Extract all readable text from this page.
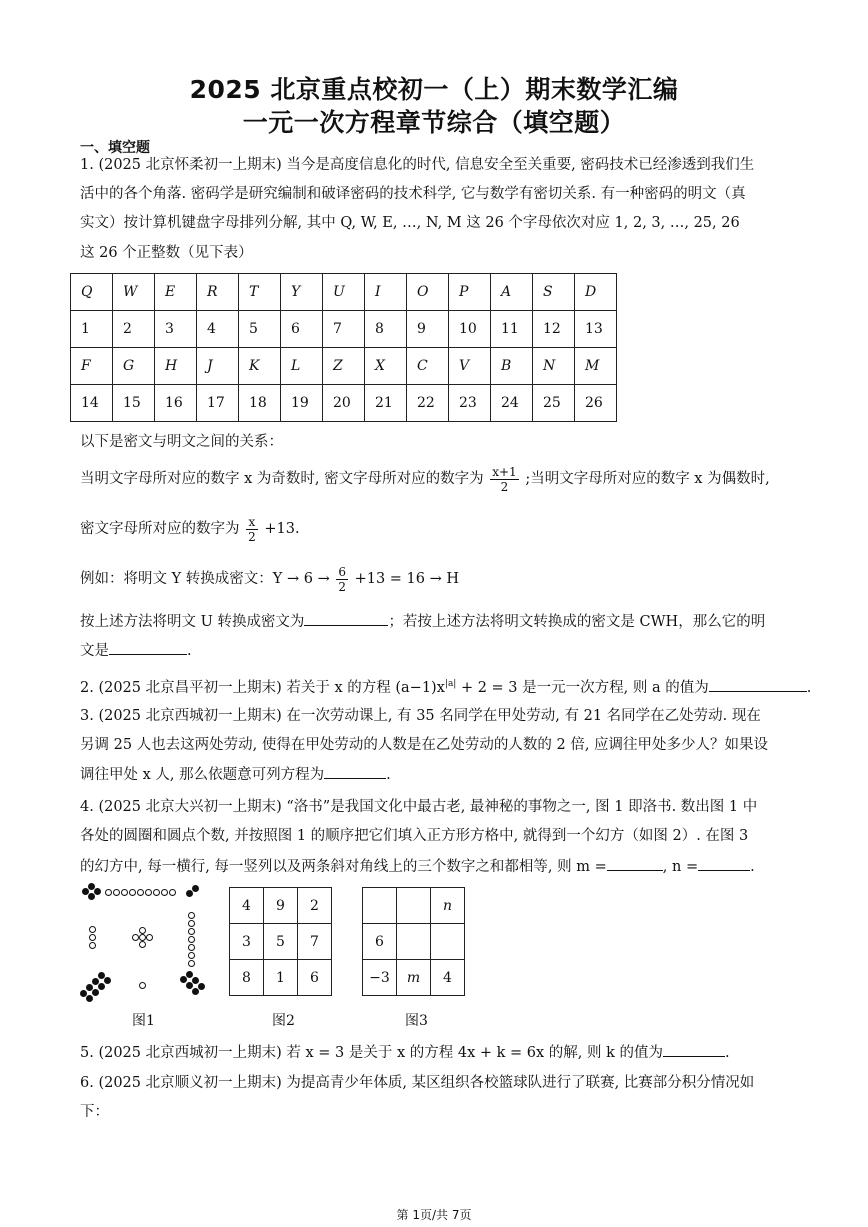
2025 北京重点校初一（上）期末数学汇编
一元一次方程章节综合（填空题）
一、填空题
1. (2025 北京怀柔初一上期末) 当今是高度信息化的时代, 信息安全至关重要, 密码技术已经渗透到我们生
活中的各个角落. 密码学是研究编制和破译密码的技术科学, 它与数学有密切关系. 有一种密码的明文（真
实文）按计算机键盘字母排列分解, 其中 Q, W, E, …, N, M 这 26 个字母依次对应 1, 2, 3, …, 25, 26
这 26 个正整数（见下表）
Q	W	E	R	T	Y	U	I	O	P	A	S	D
1	2	3	4	5	6	7	8	9	10	11	12	13
F	G	H	J	K	L	Z	X	C	V	B	N	M
14	15	16	17	18	19	20	21	22	23	24	25	26
以下是密文与明文之间的关系：
当明文字母所对应的数字 x 为奇数时, 密文字母所对应的数字为 $\frac{x+1}{2}$ ;当明文字母所对应的数字 x 为偶数时,
密文字母所对应的数字为 $\frac{x}{2} +13$.
例如：将明文 Y 转换成密文：$Y \to 6 \to \frac{6}{2} +13 = 16 \to H$
按上述方法将明文 U 转换成密文为	；若按上述方法将明文转换成的密文是 CWH，那么它的明
文是	.
2. (2025 北京昌平初一上期末) 若关于 x 的方程 $(a-1)x^{|a|} + 2 = 3$ 是一元一次方程, 则 a 的值为	.
3. (2025 北京西城初一上期末) 在一次劳动课上, 有 35 名同学在甲处劳动, 有 21 名同学在乙处劳动. 现在
另调 25 人也去这两处劳动, 使得在甲处劳动的人数是在乙处劳动的人数的 2 倍, 应调往甲处多少人？如果设
调往甲处 x 人, 那么依题意可列方程为	.
4. (2025 北京大兴初一上期末) “洛书”是我国文化中最古老, 最神秘的事物之一, 图 1 即洛书. 数出图 1 中
各处的圆圈和圆点个数, 并按照图 1 的顺序把它们填入正方形方格中, 就得到一个幻方（如图 2）. 在图 3
的幻方中, 每一横行, 每一竖列以及两条斜对角线上的三个数字之和都相等, 则 m =	, n =	.
图1
4	9	2
3	5	7
8	1	6
图2
		n
6		
−3	m	4
图3
5. (2025 北京西城初一上期末) 若 x = 3 是关于 x 的方程 4x + k = 6x 的解, 则 k 的值为	.
6. (2025 北京顺义初一上期末) 为提高青少年体质, 某区组织各校篮球队进行了联赛, 比赛部分积分情况如
下：
第 1页/共 7页
